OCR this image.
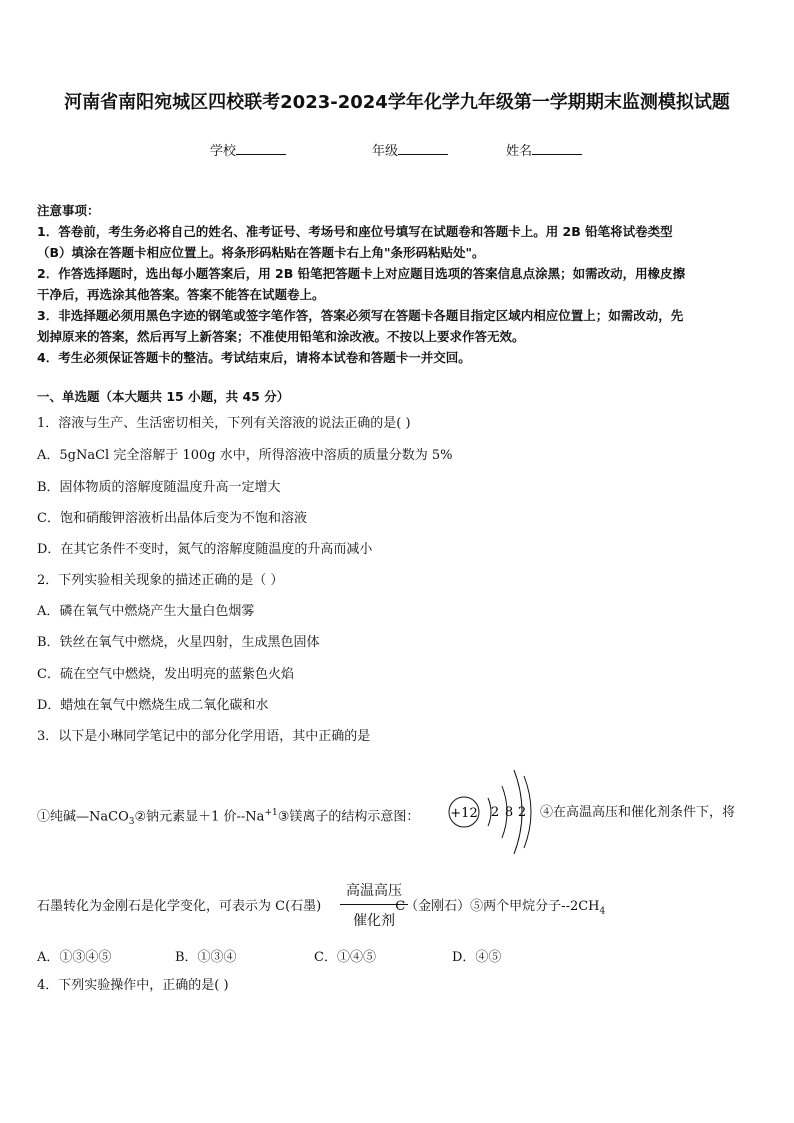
河南省南阳宛城区四校联考2023-2024学年化学九年级第一学期期末监测模拟试题
学校	年级	姓名
注意事项：
1．答卷前，考生务必将自己的姓名、准考证号、考场号和座位号填写在试题卷和答题卡上。用 2B 铅笔将试卷类型
（B）填涂在答题卡相应位置上。将条形码粘贴在答题卡右上角"条形码粘贴处"。
2．作答选择题时，选出每小题答案后，用 2B 铅笔把答题卡上对应题目选项的答案信息点涂黑；如需改动，用橡皮擦
干净后，再选涂其他答案。答案不能答在试题卷上。
3．非选择题必须用黑色字迹的钢笔或签字笔作答，答案必须写在答题卡各题目指定区域内相应位置上；如需改动，先
划掉原来的答案，然后再写上新答案；不准使用铅笔和涂改液。不按以上要求作答无效。
4．考生必须保证答题卡的整洁。考试结束后，请将本试卷和答题卡一并交回。
一、单选题（本大题共 15 小题，共 45 分）
1．溶液与生产、生活密切相关，下列有关溶液的说法正确的是( )
A．5gNaCl 完全溶解于 100g 水中，所得溶液中溶质的质量分数为 5%
B．固体物质的溶解度随温度升高一定增大
C．饱和硝酸钾溶液析出晶体后变为不饱和溶液
D．在其它条件不变时，氮气的溶解度随温度的升高而减小
2．下列实验相关现象的描述正确的是（ ）
A．磷在氧气中燃烧产生大量白色烟雾
B．铁丝在氧气中燃烧，火星四射，生成黑色固体
C．硫在空气中燃烧，发出明亮的蓝紫色火焰
D．蜡烛在氧气中燃烧生成二氧化碳和水
3．以下是小琳同学笔记中的部分化学用语，其中正确的是
①纯碱—NaCO$_3$②钠元素显＋1 价$--Na^{+1}③$镁离子的结构示意图： +12 2 8 2 ④在高温高压和催化剂条件下，将
石墨转化为金刚石是化学变化，可表示为 C(石墨)	C（金刚石）⑤两个甲烷分子$--2CH_4$
高温高压
催化剂
A．①③④⑤	B．①③④	C．①④⑤	D．④⑤
4．下列实验操作中，正确的是( )
